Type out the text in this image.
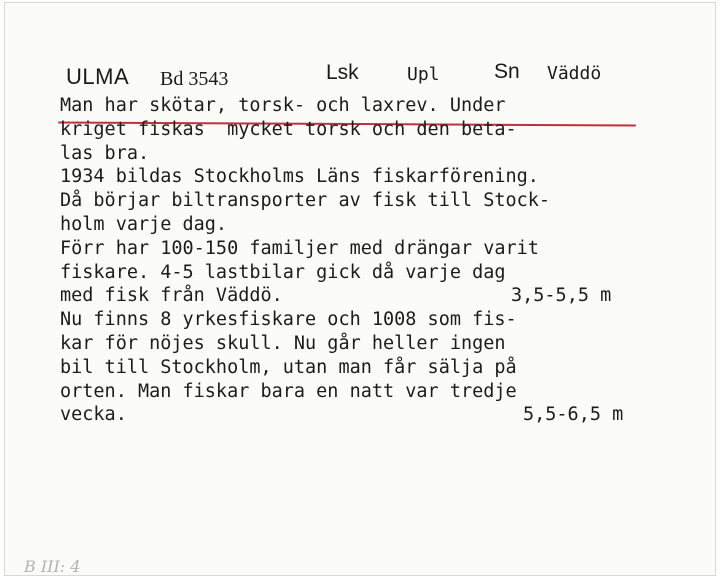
ULMA Bd 3543	Lsk	Upl	Sn Väddö
Man har skötar, torsk- och laxrev. Under
kriget fiskas  mycket torsk och den beta-
las bra.
1934 bildas Stockholms Läns fiskarförening.
Då börjar biltransporter av fisk till Stock-
holm varje dag.
Förr har 100-150 familjer med drängar varit
fiskare. 4-5 lastbilar gick då varje dag
med fisk från Väddö.	3,5-5,5 m
Nu finns 8 yrkesfiskare och 1008 som fis-
kar för nöjes skull. Nu går heller ingen
bil till Stockholm, utan man får sälja på
orten. Man fiskar bara en natt var tredje
vecka.	5,5-6,5 m
B III: 4
